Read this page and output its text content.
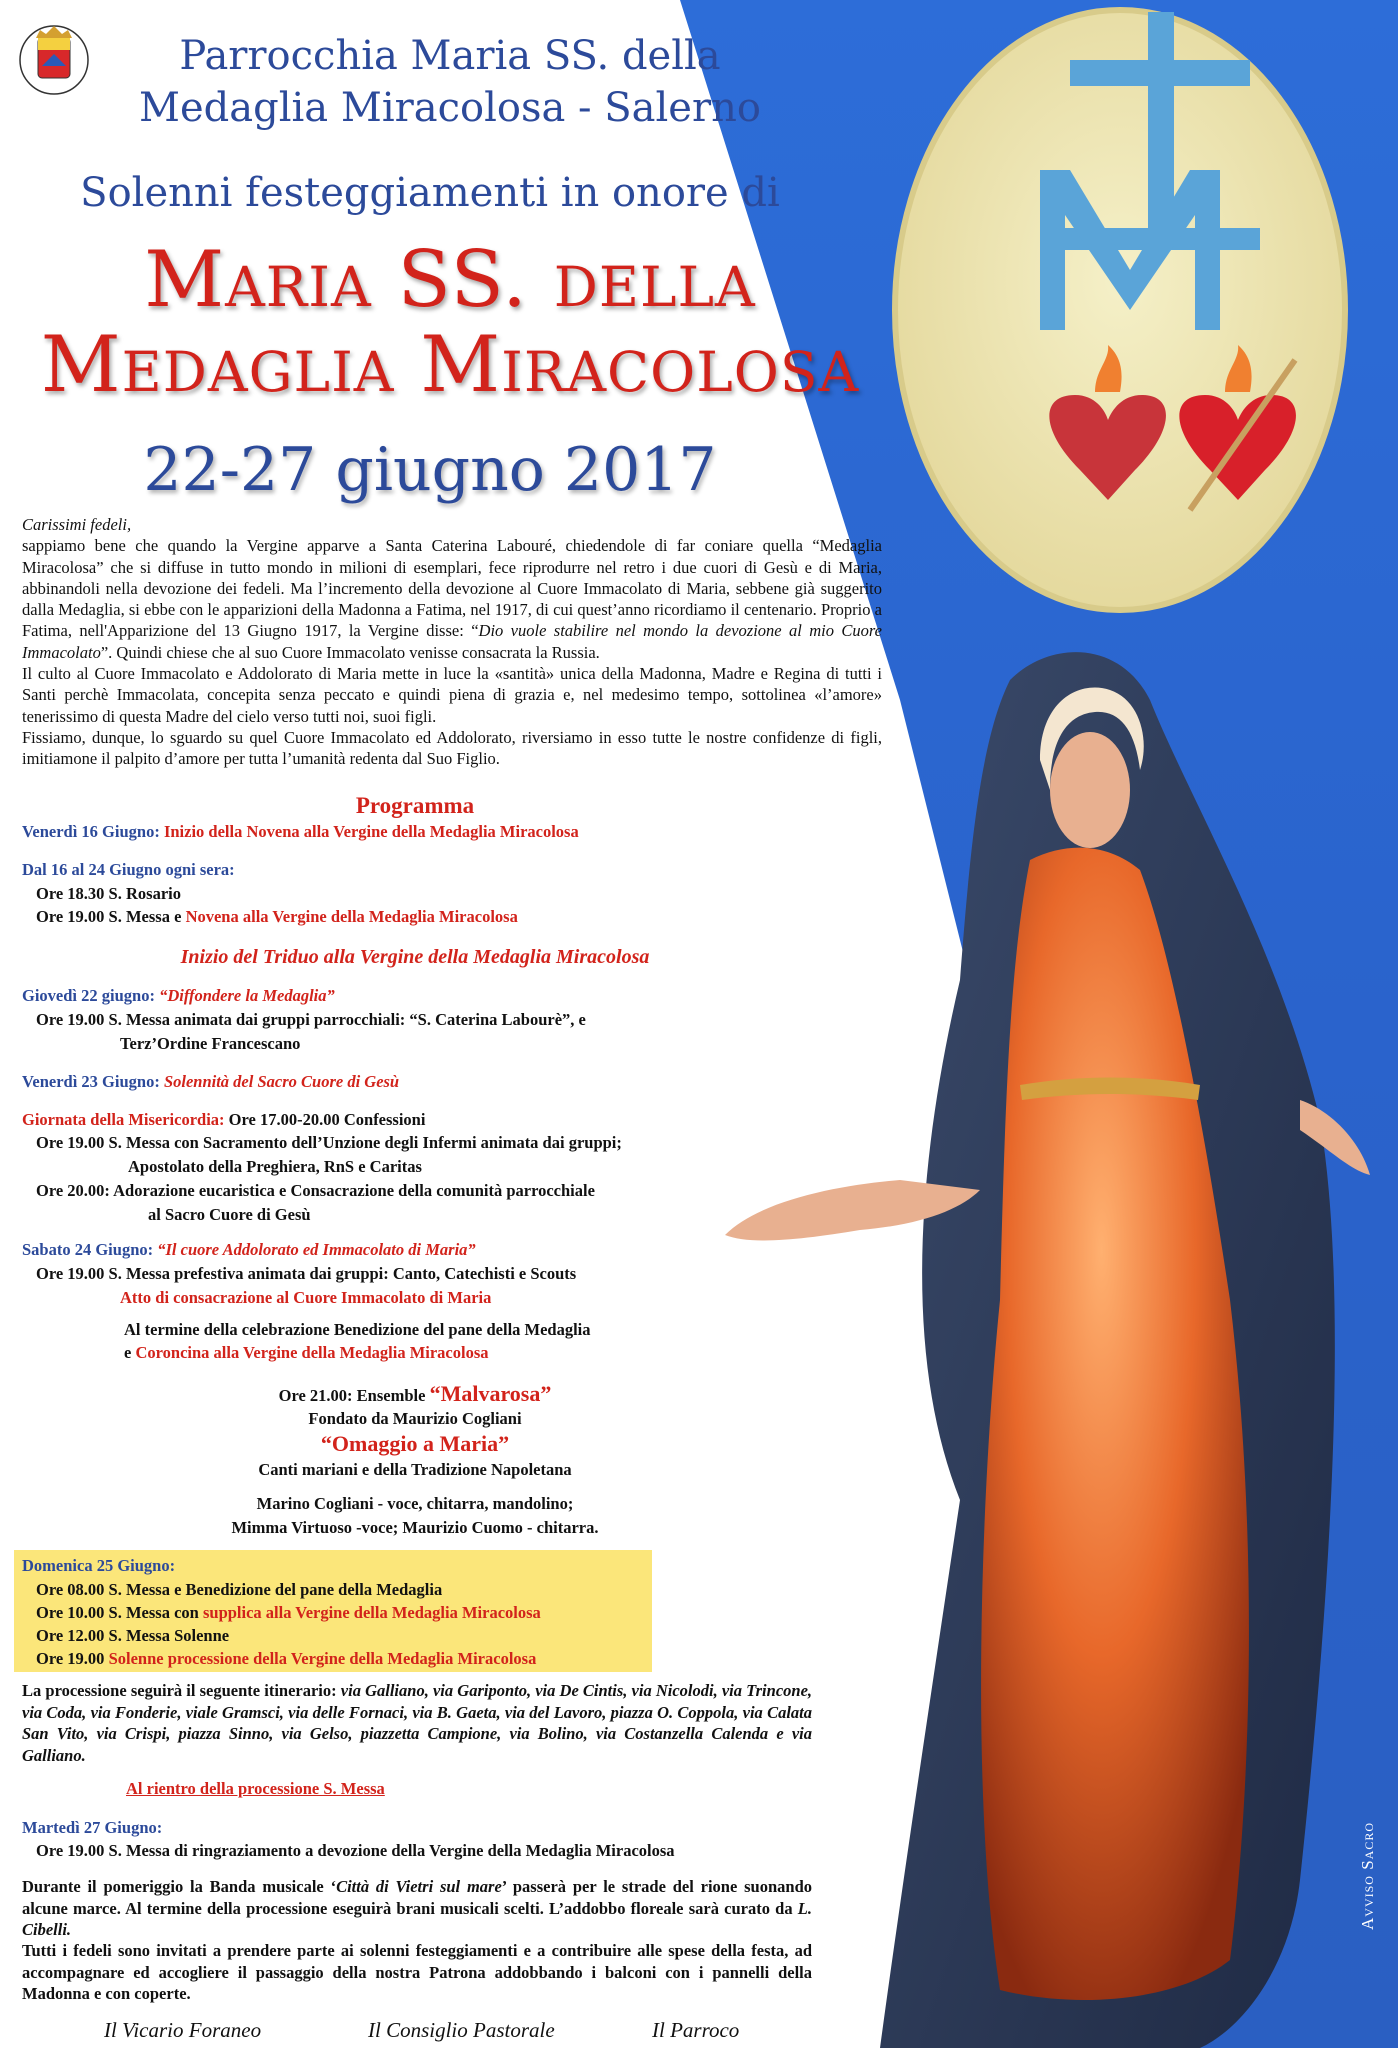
Parrocchia Maria SS. della
Medaglia Miracolosa - Salerno
Solenni festeggiamenti in onore di
Maria SS. della
Medaglia Miracolosa
22-27 giugno 2017

Carissimi fedeli,

sappiamo bene che quando la Vergine apparve a Santa Caterina Labouré, chiedendole di far coniare quella “Medaglia Miracolosa” che si diffuse in tutto mondo in milioni di esemplari, fece riprodurre nel retro i due cuori di Gesù e di Maria, abbinandoli nella devozione dei fedeli. Ma l’incremento della devozione al Cuore Immacolato di Maria, sebbene già suggerito dalla Medaglia, si ebbe con le apparizioni della Madonna a Fatima, nel 1917, di cui quest’anno ricordiamo il centenario. Proprio a Fatima, nell'Apparizione del 13 Giugno 1917, la Vergine disse: “Dio vuole stabilire nel mondo la devozione al mio Cuore Immacolato”. Quindi chiese che al suo Cuore Immacolato venisse consacrata la Russia.

Il culto al Cuore Immacolato e Addolorato di Maria mette in luce la «santità» unica della Madonna, Madre e Regina di tutti i Santi perchè Immacolata, concepita senza peccato e quindi piena di grazia e, nel medesimo tempo, sottolinea «l’amore» tenerissimo di questa Madre del cielo verso tutti noi, suoi figli.

Fissiamo, dunque, lo sguardo su quel Cuore Immacolato ed Addolorato, riversiamo in esso tutte le nostre confidenze di figli, imitiamone il palpito d’amore per tutta l’umanità redenta dal Suo Figlio.

Programma
Venerdì 16 Giugno: Inizio della Novena alla Vergine della Medaglia Miracolosa
Dal 16 al 24 Giugno ogni sera:
Ore 18.30 S. Rosario
Ore 19.00 S. Messa e Novena alla Vergine della Medaglia Miracolosa
Inizio del Triduo alla Vergine della Medaglia Miracolosa
Giovedì 22 giugno: “Diffondere la Medaglia”
Ore 19.00 S. Messa animata dai gruppi parrocchiali: “S. Caterina Labourè”, e
Terz’Ordine Francescano
Venerdì 23 Giugno: Solennità del Sacro Cuore di Gesù
Giornata della Misericordia: Ore 17.00-20.00 Confessioni
Ore 19.00 S. Messa con Sacramento dell’Unzione degli Infermi animata dai gruppi;
Apostolato della Preghiera, RnS e Caritas
Ore 20.00: Adorazione eucaristica e Consacrazione della comunità parrocchiale
al Sacro Cuore di Gesù
Sabato 24 Giugno: “Il cuore Addolorato ed Immacolato di Maria”
Ore 19.00 S. Messa prefestiva animata dai gruppi: Canto, Catechisti e Scouts
Atto di consacrazione al Cuore Immacolato di Maria
Al termine della celebrazione Benedizione del pane della Medaglia
e Coroncina alla Vergine della Medaglia Miracolosa
Ore 21.00: Ensemble “Malvarosa”
Fondato da Maurizio Cogliani
“Omaggio a Maria”
Canti mariani e della Tradizione Napoletana
Marino Cogliani - voce, chitarra, mandolino;
Mimma Virtuoso -voce; Maurizio Cuomo - chitarra.
Domenica 25 Giugno:
Ore 08.00 S. Messa e Benedizione del pane della Medaglia
Ore 10.00 S. Messa con supplica alla Vergine della Medaglia Miracolosa
Ore 12.00 S. Messa Solenne
Ore 19.00 Solenne processione della Vergine della Medaglia Miracolosa
La processione seguirà il seguente itinerario: via Galliano, via Gariponto, via De Cintis, via Nicolodi, via Trincone, via Coda, via Fonderie, viale Gramsci, via delle Fornaci, via B. Gaeta, via del Lavoro, piazza O. Coppola, via Calata San Vito, via Crispi, piazza Sinno, via Gelso, piazzetta Campione, via Bolino, via Costanzella Calenda e via Galliano.
Al rientro della processione S. Messa
Martedì 27 Giugno:
Ore 19.00 S. Messa di ringraziamento a devozione della Vergine della Medaglia Miracolosa
Durante il pomeriggio la Banda musicale ‘Città di Vietri sul mare’ passerà per le strade del rione suonando alcune marce. Al termine della processione eseguirà brani musicali scelti. L’addobbo floreale sarà curato da L. Cibelli.
Tutti i fedeli sono invitati a prendere parte ai solenni festeggiamenti e a contribuire alle spese della festa, ad accompagnare ed accogliere il passaggio della nostra Patrona addobbando i balconi con i pannelli della Madonna e con coperte.
Il Vicario Foraneo	Il Consiglio Pastorale	Il Parroco
Avviso Sacro
